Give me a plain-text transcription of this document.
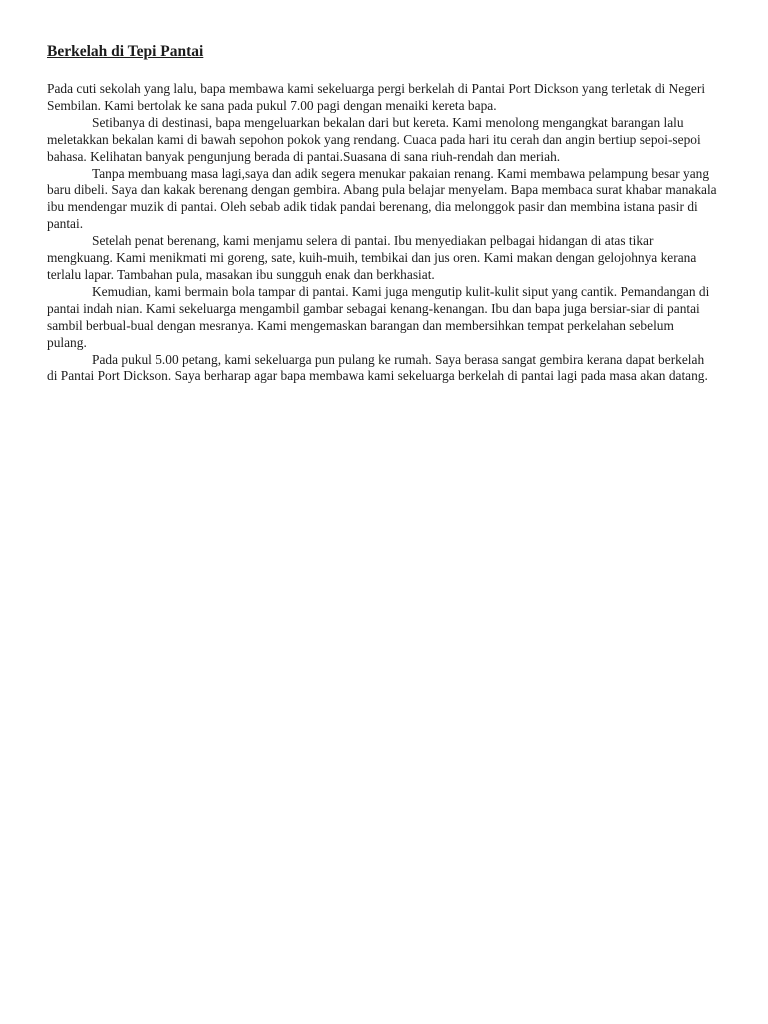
Berkelah di Tepi Pantai

Pada cuti sekolah yang lalu, bapa membawa kami sekeluarga pergi berkelah di Pantai Port Dickson yang terletak di Negeri Sembilan. Kami bertolak ke sana pada pukul 7.00 pagi dengan menaiki kereta bapa.

Setibanya di destinasi, bapa mengeluarkan bekalan dari but kereta. Kami menolong mengangkat barangan lalu meletakkan bekalan kami di bawah sepohon pokok yang rendang. Cuaca pada hari itu cerah dan angin bertiup sepoi-sepoi bahasa. Kelihatan banyak pengunjung berada di pantai.Suasana di sana riuh-rendah dan meriah.

Tanpa membuang masa lagi,saya dan adik segera menukar pakaian renang. Kami membawa pelampung besar yang baru dibeli. Saya dan kakak berenang dengan gembira. Abang pula belajar menyelam. Bapa membaca surat khabar manakala ibu mendengar muzik di pantai. Oleh sebab adik tidak pandai berenang, dia melonggok pasir dan membina istana pasir di pantai.

Setelah penat berenang, kami menjamu selera di pantai. Ibu menyediakan pelbagai hidangan di atas tikar mengkuang. Kami menikmati mi goreng, sate, kuih-muih, tembikai dan jus oren. Kami makan dengan gelojohnya kerana terlalu lapar. Tambahan pula, masakan ibu sungguh enak dan berkhasiat.

Kemudian, kami bermain bola tampar di pantai. Kami juga mengutip kulit-kulit siput yang cantik. Pemandangan di pantai indah nian. Kami sekeluarga mengambil gambar sebagai kenang-kenangan. Ibu dan bapa juga bersiar-siar di pantai sambil berbual-bual dengan mesranya. Kami mengemaskan barangan dan membersihkan tempat perkelahan sebelum pulang.

Pada pukul 5.00 petang, kami sekeluarga pun pulang ke rumah. Saya berasa sangat gembira kerana dapat berkelah di Pantai Port Dickson. Saya berharap agar bapa membawa kami sekeluarga berkelah di pantai lagi pada masa akan datang.
